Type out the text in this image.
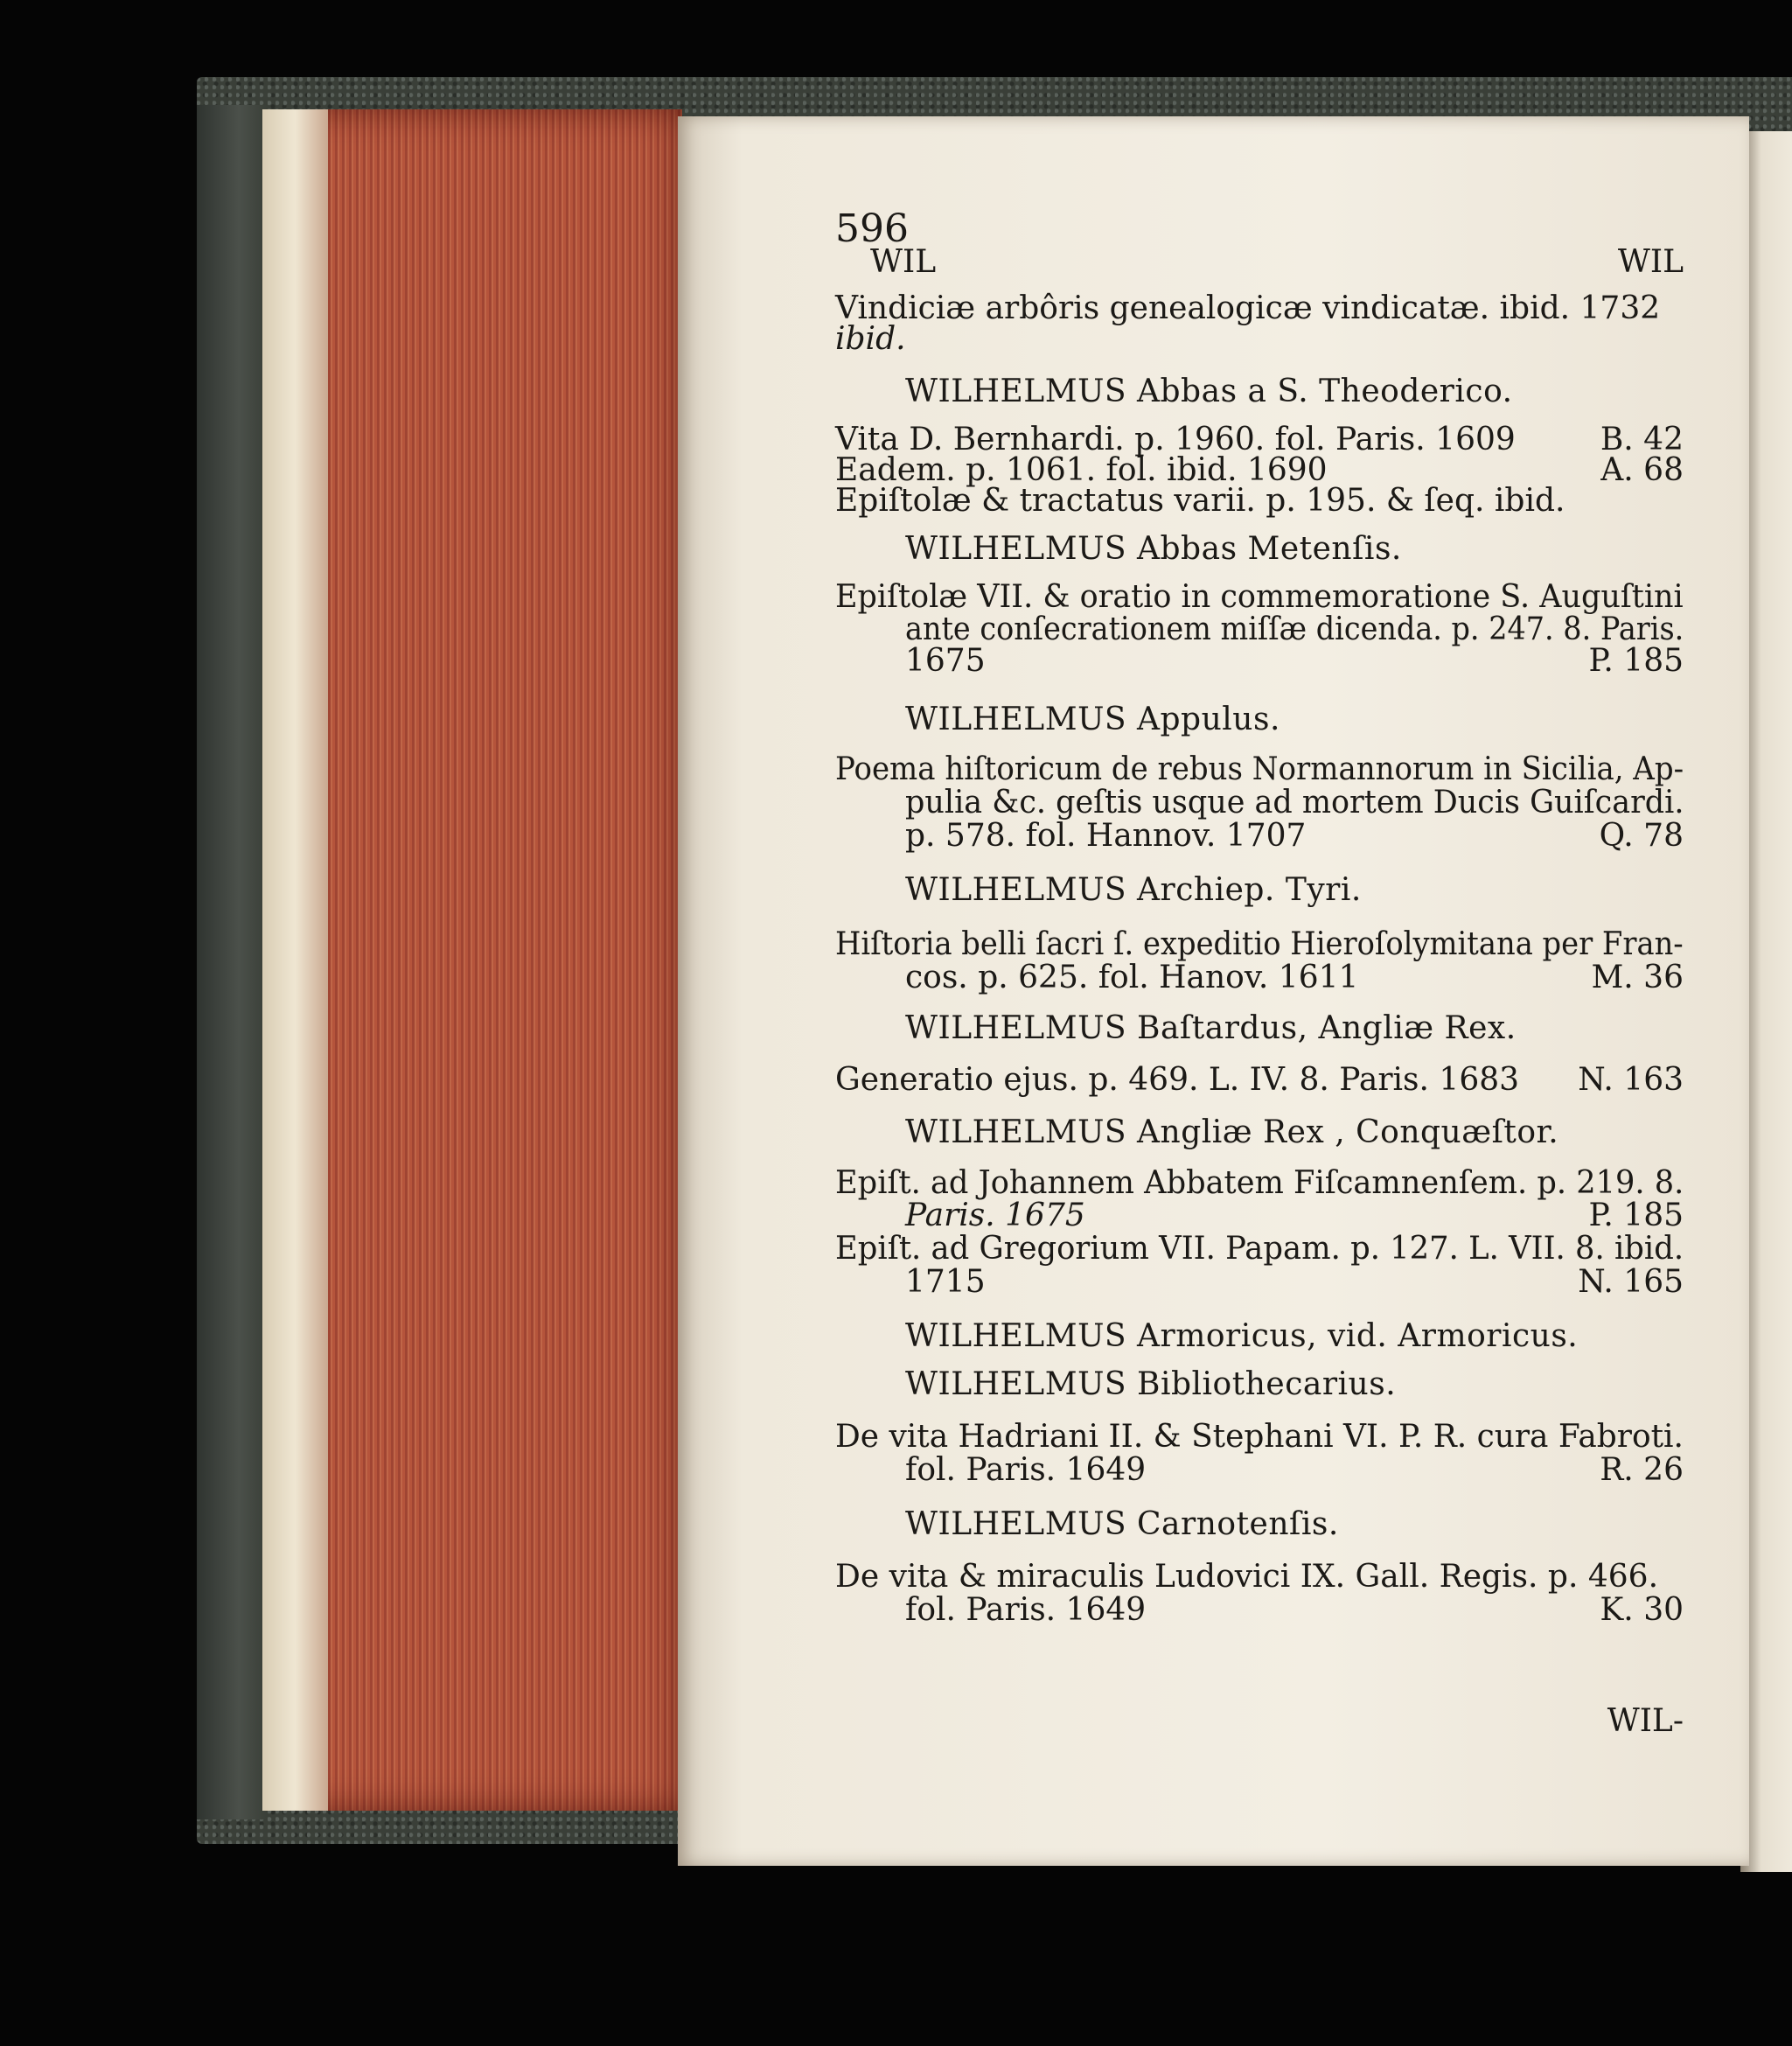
596
WIL	WIL
Vindiciæ arbôris genealogicæ vindicatæ. ibid. 1732
ibid.
WILHELMUS Abbas a S. Theoderico.
Vita D. Bernhardi. p. 1960. fol. Paris. 1609	B. 42
Eadem. p. 1061. fol. ibid. 1690	A. 68
Epiſtolæ & tractatus varii. p. 195. & ſeq. ibid.
WILHELMUS Abbas Metenſis.
Epiſtolæ VII. & oratio in commemoratione S. Auguſtini
ante conſecrationem miſſæ dicenda. p. 247. 8. Paris.
1675	P. 185
WILHELMUS Appulus.
Poema hiſtoricum de rebus Normannorum in Sicilia, Ap-
pulia &c. geſtis usque ad mortem Ducis Guiſcardi.
p. 578. fol. Hannov. 1707	Q. 78
WILHELMUS Archiep. Tyri.
Hiſtoria belli ſacri ſ. expeditio Hieroſolymitana per Fran-
cos. p. 625. fol. Hanov. 1611	M. 36
WILHELMUS Baſtardus, Angliæ Rex.
Generatio ejus. p. 469. L. IV. 8. Paris. 1683 N. 163
WILHELMUS Angliæ Rex , Conquæſtor.
Epiſt. ad Johannem Abbatem Fiſcamnenſem. p. 219. 8.
Paris. 1675	P. 185
Epiſt. ad Gregorium VII. Papam. p. 127. L. VII. 8. ibid.
1715	N. 165
WILHELMUS Armoricus, vid. Armoricus.
WILHELMUS Bibliothecarius.
De vita Hadriani II. & Stephani VI. P. R. cura Fabroti.
fol. Paris. 1649	R. 26
WILHELMUS Carnotenſis.
De vita & miraculis Ludovici IX. Gall. Regis. p. 466.
fol. Paris. 1649	K. 30
WIL-
